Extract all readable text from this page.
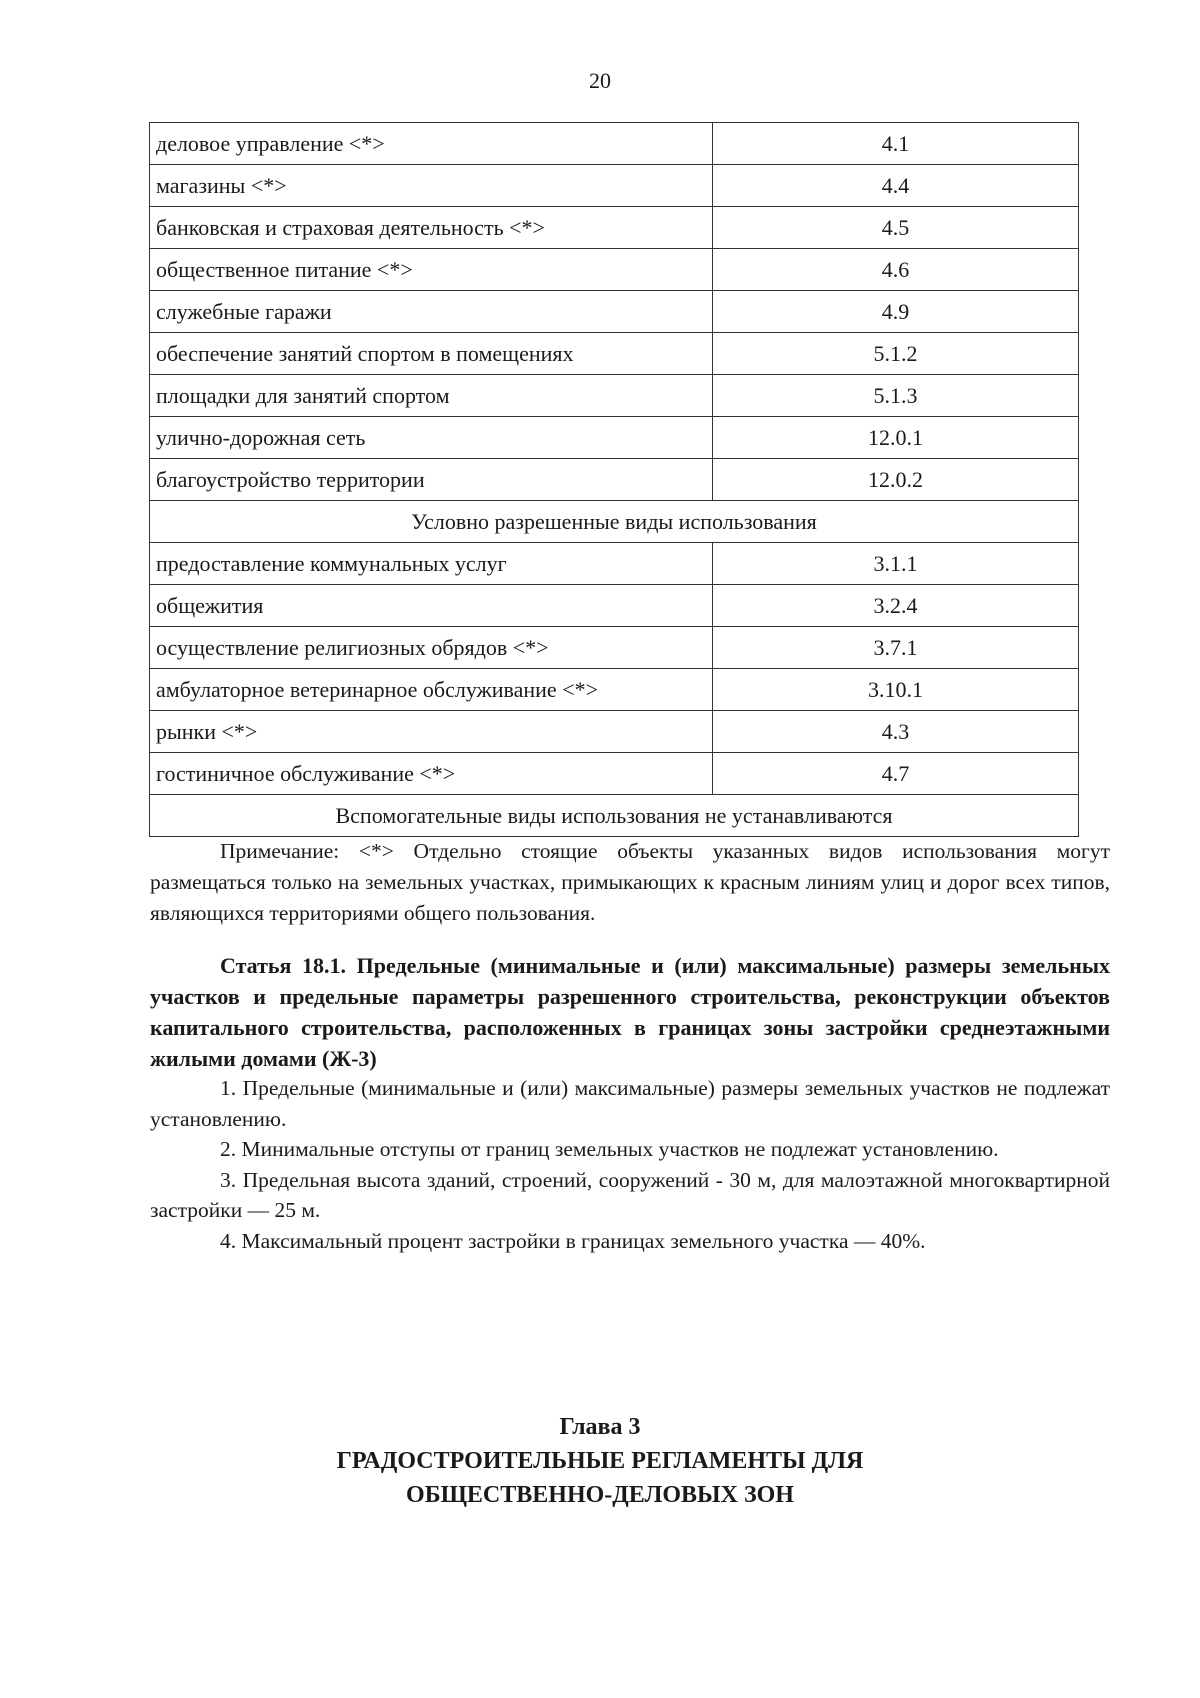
20
деловое управление <*>	4.1
магазины <*>	4.4
банковская и страховая деятельность <*>	4.5
общественное питание <*>	4.6
служебные гаражи	4.9
обеспечение занятий спортом в помещениях	5.1.2
площадки для занятий спортом	5.1.3
улично-дорожная сеть	12.0.1
благоустройство территории	12.0.2
Условно разрешенные виды использования	
предоставление коммунальных услуг	3.1.1
общежития	3.2.4
осуществление религиозных обрядов <*>	3.7.1
амбулаторное ветеринарное обслуживание <*>	3.10.1
рынки <*>	4.3
гостиничное обслуживание <*>	4.7
Вспомогательные виды использования не устанавливаются	

Примечание: <*> Отдельно стоящие объекты указанных видов использования могут размещаться только на земельных участках, примыкающих к красным линиям улиц и дорог всех типов, являющихся территориями общего пользования.

Статья 18.1. Предельные (минимальные и (или) максимальные) размеры земельных участков и предельные параметры разрешенного строительства, реконструкции объектов капитального строительства, расположенных в границах зоны застройки среднеэтажными жилыми домами (Ж-3)

1. Предельные (минимальные и (или) максимальные) размеры земельных участков не подлежат установлению.

2. Минимальные отступы от границ земельных участков не подлежат установлению.

3. Предельная высота зданий, строений, сооружений - 30 м, для малоэтажной многоквартирной застройки — 25 м.

4. Максимальный процент застройки в границах земельного участка — 40%.

Глава 3
ГРАДОСТРОИТЕЛЬНЫЕ РЕГЛАМЕНТЫ ДЛЯ
ОБЩЕСТВЕННО-ДЕЛОВЫХ ЗОН
